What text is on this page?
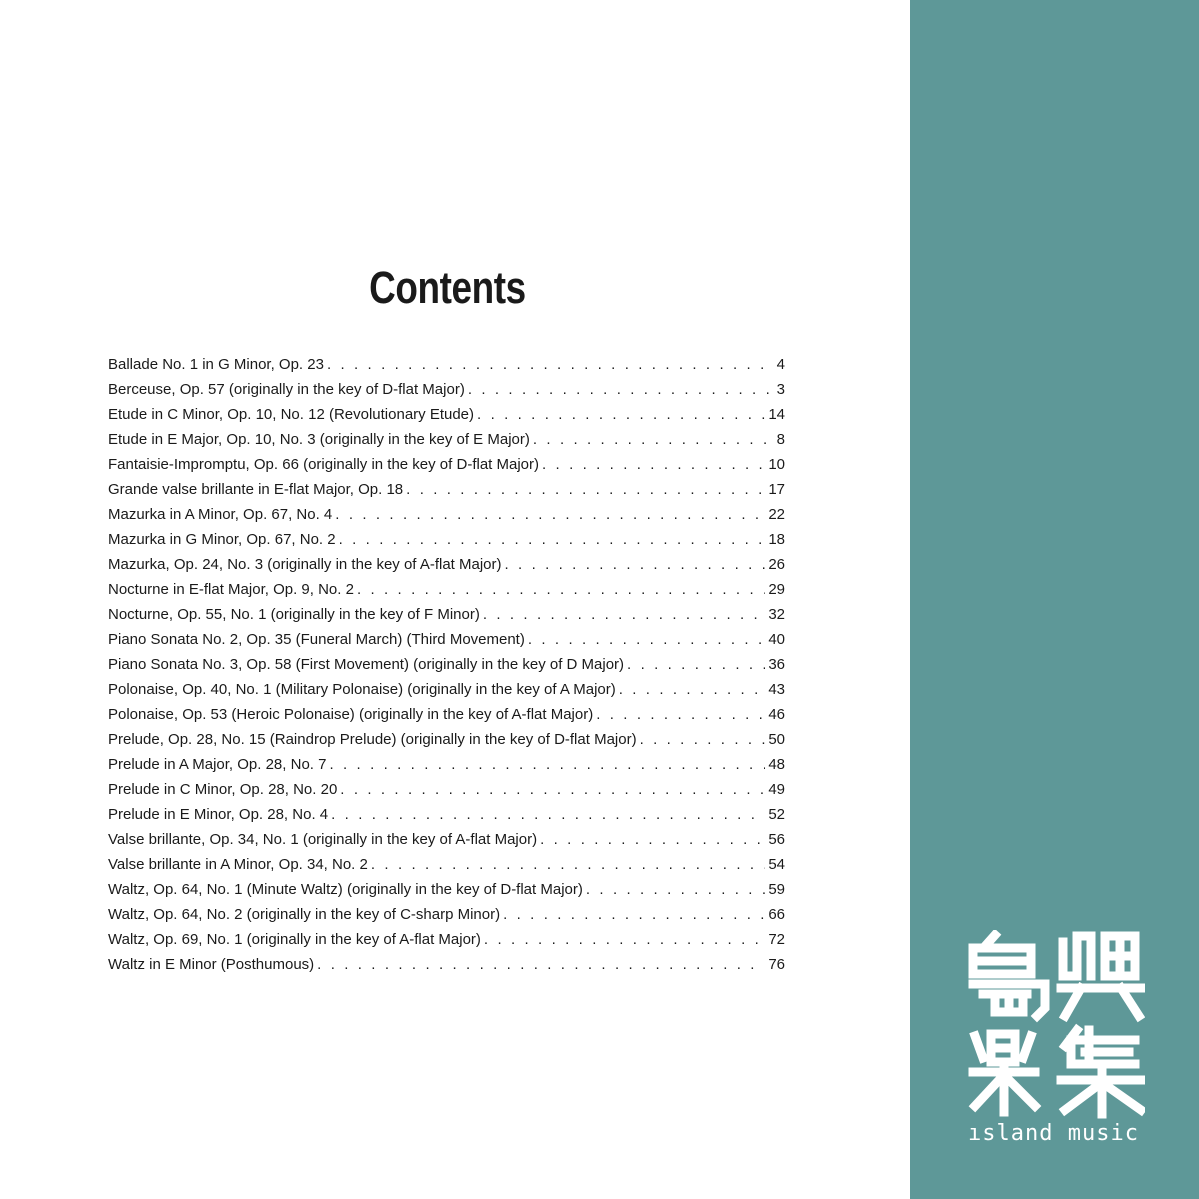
Contents
Ballade No. 1 in G Minor, Op. 23 . . .	4
Berceuse, Op. 57 (originally in the key of D-flat Major) . . .	3
Etude in C Minor, Op. 10, No. 12 (Revolutionary Etude) . . .	14
Etude in E Major, Op. 10, No. 3 (originally in the key of E Major) . . .	8
Fantaisie-Impromptu, Op. 66 (originally in the key of D-flat Major) . . .	10
Grande valse brillante in E-flat Major, Op. 18 . . .	17
Mazurka in A Minor, Op. 67, No. 4 . . .	22
Mazurka in G Minor, Op. 67, No. 2 . . .	18
Mazurka, Op. 24, No. 3 (originally in the key of A-flat Major) . . .	26
Nocturne in E-flat Major, Op. 9, No. 2 . . .	29
Nocturne, Op. 55, No. 1 (originally in the key of F Minor) . . .	32
Piano Sonata No. 2, Op. 35 (Funeral March) (Third Movement) . . .	40
Piano Sonata No. 3, Op. 58 (First Movement) (originally in the key of D Major) . . .	36
Polonaise, Op. 40, No. 1 (Military Polonaise) (originally in the key of A Major) . . .	43
Polonaise, Op. 53 (Heroic Polonaise) (originally in the key of A-flat Major) . . .	46
Prelude, Op. 28, No. 15 (Raindrop Prelude) (originally in the key of D-flat Major) . . .	50
Prelude in A Major, Op. 28, No. 7 . . .	48
Prelude in C Minor, Op. 28, No. 20 . . .	49
Prelude in E Minor, Op. 28, No. 4 . . .	52
Valse brillante, Op. 34, No. 1 (originally in the key of A-flat Major) . . .	56
Valse brillante in A Minor, Op. 34, No. 2 . . .	54
Waltz, Op. 64, No. 1 (Minute Waltz) (originally in the key of D-flat Major) . . .	59
Waltz, Op. 64, No. 2 (originally in the key of C-sharp Minor) . . .	66
Waltz, Op. 69, No. 1 (originally in the key of A-flat Major) . . .	72
Waltz in E Minor (Posthumous) . . .	76
ısland music
